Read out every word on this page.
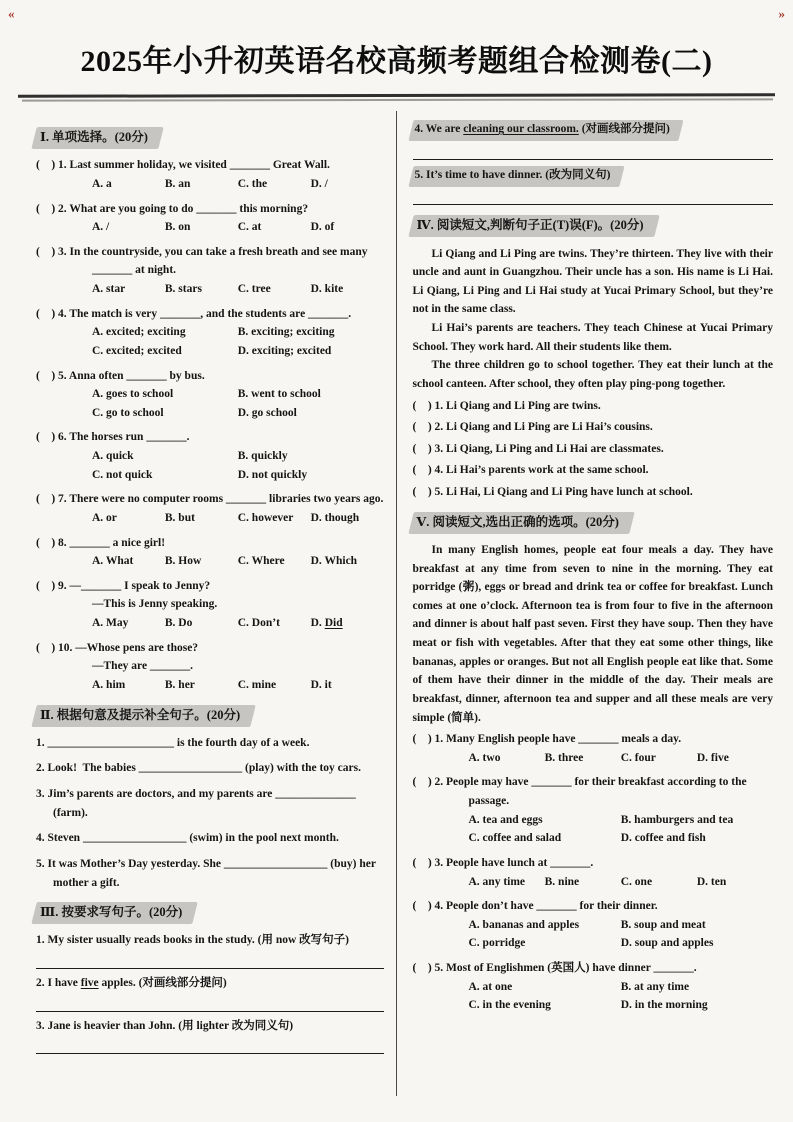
«	»
2025年小升初英语名校高频考题组合检测卷(二)
Ⅰ. 单项选择。(20分)
(    ) 1. Last summer holiday, we visited _______ Great Wall.
A. a	B. an	C. the	D. /
(    ) 2. What are you going to do _______ this morning?
A. /	B. on	C. at	D. of
(    ) 3. In the countryside, you can take a fresh breath and see many _______ at night.
A. star	B. stars	C. tree	D. kite
(    ) 4. The match is very _______, and the students are _______.
A. excited; exciting	B. exciting; exciting
C. excited; excited	D. exciting; excited
(    ) 5. Anna often _______ by bus.
A. goes to school	B. went to school
C. go to school	D. go school
(    ) 6. The horses run _______.
A. quick	B. quickly
C. not quick	D. not quickly
(    ) 7. There were no computer rooms _______ libraries two years ago.
A. or	B. but	C. however	D. though
(    ) 8. _______ a nice girl!
A. What	B. How	C. Where	D. Which
(    ) 9. —_______ I speak to Jenny?
—This is Jenny speaking.
A. May	B. Do	C. Don’t	D. Did
(    ) 10. —Whose pens are those?
—They are _______.
A. him	B. her	C. mine	D. it
Ⅱ. 根据句意及提示补全句子。(20分)
1. ______________________ is the fourth day of a week.
2. Look!  The babies __________________ (play) with the toy cars.
3. Jim’s parents are doctors, and my parents are ______________ (farm).
4. Steven __________________ (swim) in the pool next month.
5. It was Mother’s Day yesterday. She __________________ (buy) her mother a gift.
Ⅲ. 按要求写句子。(20分)
1. My sister usually reads books in the study. (用 now 改写句子)
2. I have five apples. (对画线部分提问)
3. Jane is heavier than John. (用 lighter 改为同义句)
4. We are cleaning our classroom. (对画线部分提问)
5. It’s time to have dinner. (改为同义句)
Ⅳ. 阅读短文,判断句子正(T)误(F)。(20分)

Li Qiang and Li Ping are twins. They’re thirteen. They live with their uncle and aunt in Guangzhou. Their uncle has a son. His name is Li Hai. Li Qiang, Li Ping and Li Hai study at Yucai Primary School, but they’re not in the same class.

Li Hai’s parents are teachers. They teach Chinese at Yucai Primary School. They work hard. All their students like them.

The three children go to school together. They eat their lunch at the school canteen. After school, they often play ping-pong together.

(    ) 1. Li Qiang and Li Ping are twins.
(    ) 2. Li Qiang and Li Ping are Li Hai’s cousins.
(    ) 3. Li Qiang, Li Ping and Li Hai are classmates.
(    ) 4. Li Hai’s parents work at the same school.
(    ) 5. Li Hai, Li Qiang and Li Ping have lunch at school.
Ⅴ. 阅读短文,选出正确的选项。(20分)

In many English homes, people eat four meals a day. They have breakfast at any time from seven to nine in the morning. They eat porridge (粥), eggs or bread and drink tea or coffee for breakfast. Lunch comes at one o’clock. Afternoon tea is from four to five in the afternoon and dinner is about half past seven. First they have soup. Then they have meat or fish with vegetables. After that they eat some other things, like bananas, apples or oranges. But not all English people eat like that. Some of them have their dinner in the middle of the day. Their meals are breakfast, dinner, afternoon tea and supper and all these meals are very simple (简单).

(    ) 1. Many English people have _______ meals a day.
A. two	B. three	C. four	D. five
(    ) 2. People may have _______ for their breakfast according to the passage.
A. tea and eggs	B. hamburgers and tea
C. coffee and salad	D. coffee and fish
(    ) 3. People have lunch at _______.
A. any time	B. nine	C. one	D. ten
(    ) 4. People don’t have _______ for their dinner.
A. bananas and apples	B. soup and meat
C. porridge	D. soup and apples
(    ) 5. Most of Englishmen (英国人) have dinner _______.
A. at one	B. at any time
C. in the evening	D. in the morning
